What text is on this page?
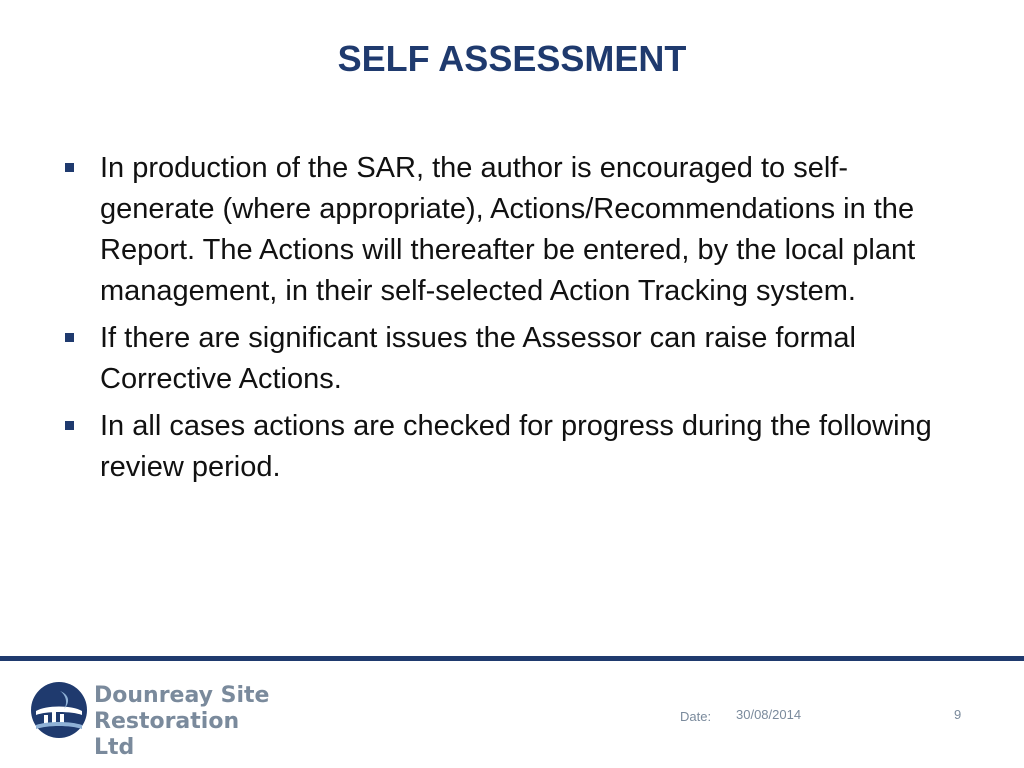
SELF ASSESSMENT
In production of the SAR, the author is encouraged to self-generate (where appropriate), Actions/Recommendations in the Report. The Actions will thereafter be entered, by the local plant management, in their self-selected Action Tracking system.
If there are significant issues the Assessor can raise formal Corrective Actions.
In all cases actions are checked for progress during the following review period.
Dounreay Site
Restoration Ltd
Date: 30/08/2014	9
